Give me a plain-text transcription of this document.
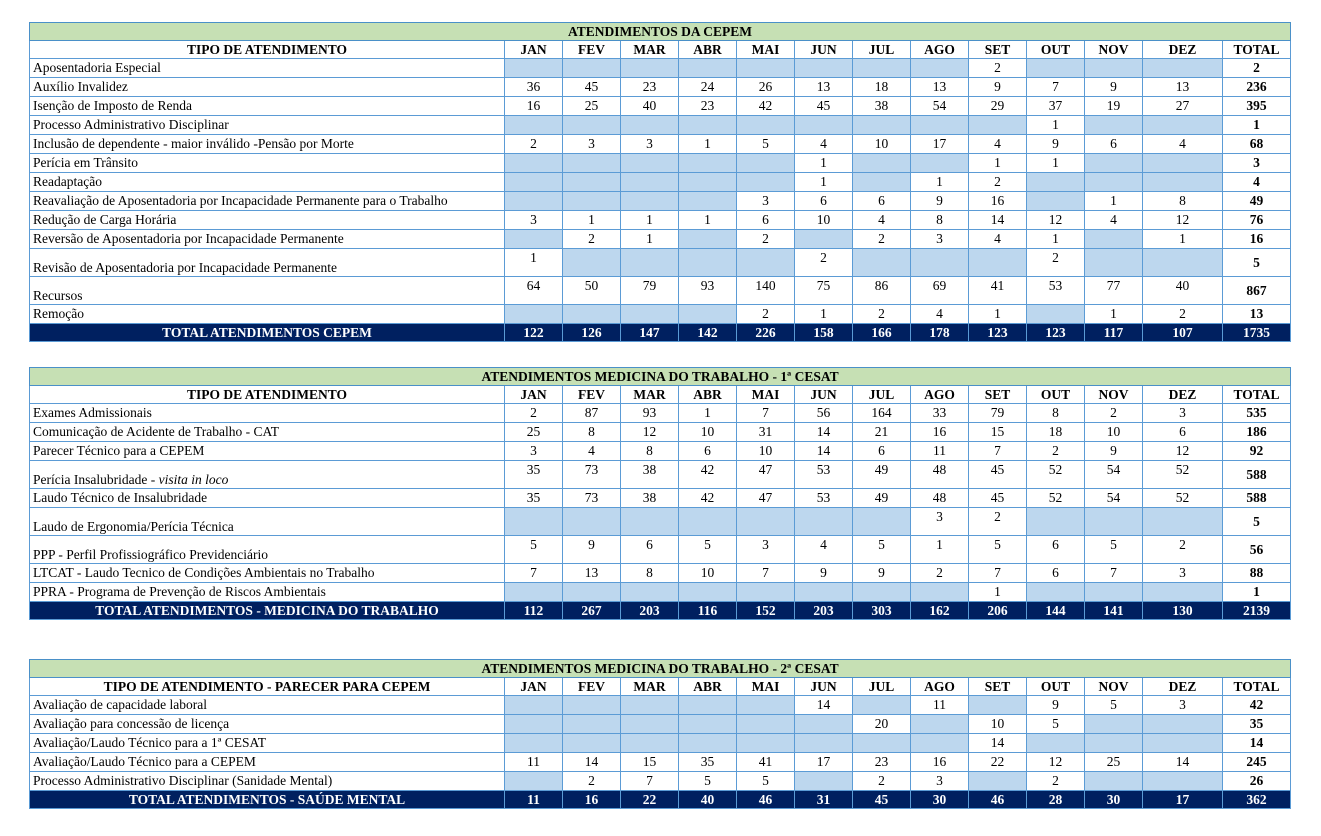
ATENDIMENTOS DA CEPEM													
TIPO DE ATENDIMENTO	JAN	FEV	MAR	ABR	MAI	JUN	JUL	AGO	SET	OUT	NOV	DEZ	TOTAL
Aposentadoria Especial									2				2
Auxílio Invalidez	36	45	23	24	26	13	18	13	9	7	9	13	236
Isenção de Imposto de Renda	16	25	40	23	42	45	38	54	29	37	19	27	395
Processo Administrativo Disciplinar										1			1
Inclusão de dependente - maior inválido -Pensão por Morte	2	3	3	1	5	4	10	17	4	9	6	4	68
Perícia em Trânsito						1			1	1			3
Readaptação						1		1	2				4
Reavaliação de Aposentadoria por Incapacidade Permanente para o Trabalho					3	6	6	9	16		1	8	49
Redução de Carga Horária	3	1	1	1	6	10	4	8	14	12	4	12	76
Reversão de Aposentadoria por Incapacidade Permanente		2	1		2		2	3	4	1		1	16
Revisão de Aposentadoria por Incapacidade Permanente	1					2				2			5
Recursos	64	50	79	93	140	75	86	69	41	53	77	40	867
Remoção					2	1	2	4	1		1	2	13
TOTAL ATENDIMENTOS CEPEM	122	126	147	142	226	158	166	178	123	123	117	107	1735
ATENDIMENTOS MEDICINA DO TRABALHO - 1ª CESAT													
TIPO DE ATENDIMENTO	JAN	FEV	MAR	ABR	MAI	JUN	JUL	AGO	SET	OUT	NOV	DEZ	TOTAL
Exames Admissionais	2	87	93	1	7	56	164	33	79	8	2	3	535
Comunicação de Acidente de Trabalho - CAT	25	8	12	10	31	14	21	16	15	18	10	6	186
Parecer Técnico para a CEPEM	3	4	8	6	10	14	6	11	7	2	9	12	92
Perícia Insalubridade - visita in loco	35	73	38	42	47	53	49	48	45	52	54	52	588
Laudo Técnico de Insalubridade	35	73	38	42	47	53	49	48	45	52	54	52	588
Laudo de Ergonomia/Perícia Técnica								3	2				5
PPP - Perfil Profissiográfico Previdenciário	5	9	6	5	3	4	5	1	5	6	5	2	56
LTCAT - Laudo Tecnico de Condições Ambientais no Trabalho	7	13	8	10	7	9	9	2	7	6	7	3	88
PPRA - Programa de Prevenção de Riscos Ambientais									1				1
TOTAL ATENDIMENTOS - MEDICINA DO TRABALHO	112	267	203	116	152	203	303	162	206	144	141	130	2139
ATENDIMENTOS MEDICINA DO TRABALHO - 2ª CESAT													
TIPO DE ATENDIMENTO - PARECER PARA CEPEM	JAN	FEV	MAR	ABR	MAI	JUN	JUL	AGO	SET	OUT	NOV	DEZ	TOTAL
Avaliação de capacidade laboral						14		11		9	5	3	42
Avaliação para concessão de licença							20		10	5			35
Avaliação/Laudo Técnico para a 1ª CESAT									14				14
Avaliação/Laudo Técnico para a CEPEM	11	14	15	35	41	17	23	16	22	12	25	14	245
Processo Administrativo Disciplinar (Sanidade Mental)		2	7	5	5		2	3		2			26
TOTAL ATENDIMENTOS - SAÚDE MENTAL	11	16	22	40	46	31	45	30	46	28	30	17	362
